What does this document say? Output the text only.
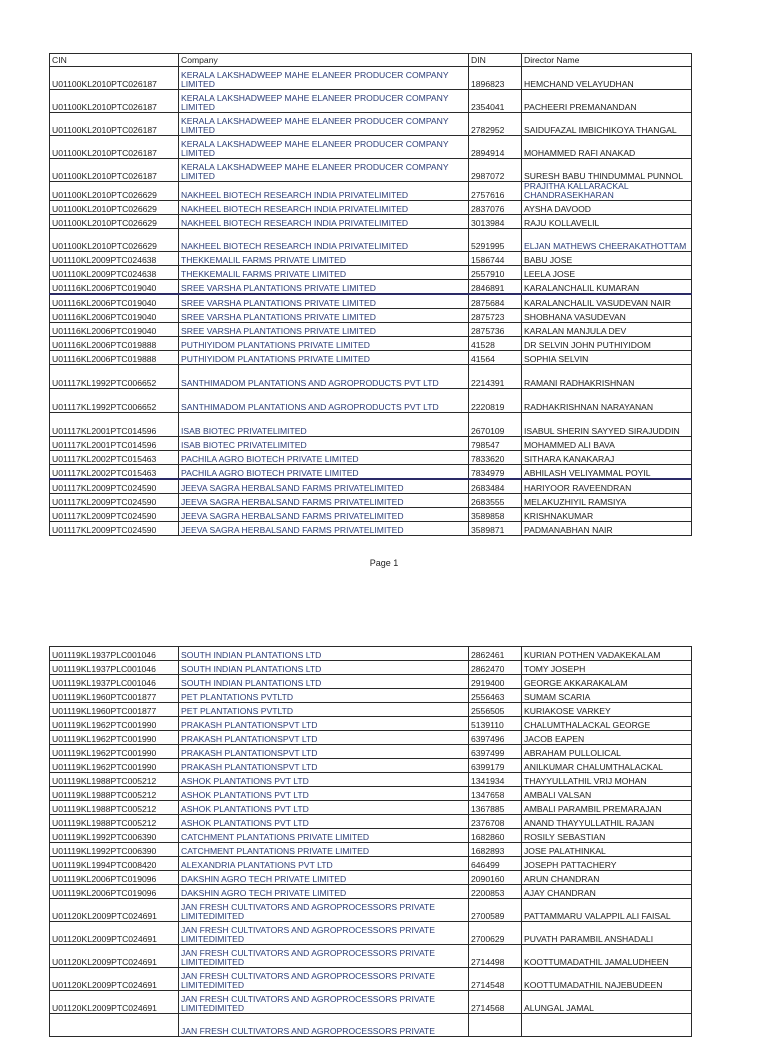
CIN	Company	DIN	Director Name
U01100KL2010PTC026187	KERALA LAKSHADWEEP MAHE ELANEER PRODUCER COMPANY LIMITED	1896823	HEMCHAND VELAYUDHAN
U01100KL2010PTC026187	KERALA LAKSHADWEEP MAHE ELANEER PRODUCER COMPANY LIMITED	2354041	PACHEERI PREMANANDAN
U01100KL2010PTC026187	KERALA LAKSHADWEEP MAHE ELANEER PRODUCER COMPANY LIMITED	2782952	SAIDUFAZAL IMBICHIKOYA THANGAL
U01100KL2010PTC026187	KERALA LAKSHADWEEP MAHE ELANEER PRODUCER COMPANY LIMITED	2894914	MOHAMMED RAFI ANAKAD
U01100KL2010PTC026187	KERALA LAKSHADWEEP MAHE ELANEER PRODUCER COMPANY LIMITED	2987072	SURESH BABU THINDUMMAL PUNNOL
U01100KL2010PTC026629	NAKHEEL BIOTECH RESEARCH INDIA PRIVATELIMITED	2757616	PRAJITHA KALLARACKAL CHANDRASEKHARAN
U01100KL2010PTC026629	NAKHEEL BIOTECH RESEARCH INDIA PRIVATELIMITED	2837076	AYSHA DAVOOD
U01100KL2010PTC026629	NAKHEEL BIOTECH RESEARCH INDIA PRIVATELIMITED	3013984	RAJU KOLLAVELIL
U01100KL2010PTC026629	NAKHEEL BIOTECH RESEARCH INDIA PRIVATELIMITED	5291995	ELJAN MATHEWS CHEERAKATHOTTAM
U01110KL2009PTC024638	THEKKEMALIL FARMS PRIVATE LIMITED	1586744	BABU JOSE
U01110KL2009PTC024638	THEKKEMALIL FARMS PRIVATE LIMITED	2557910	LEELA JOSE
U01116KL2006PTC019040	SREE VARSHA PLANTATIONS PRIVATE LIMITED	2846891	KARALANCHALIL KUMARAN
U01116KL2006PTC019040	SREE VARSHA PLANTATIONS PRIVATE LIMITED	2875684	KARALANCHALIL VASUDEVAN NAIR
U01116KL2006PTC019040	SREE VARSHA PLANTATIONS PRIVATE LIMITED	2875723	SHOBHANA VASUDEVAN
U01116KL2006PTC019040	SREE VARSHA PLANTATIONS PRIVATE LIMITED	2875736	KARALAN MANJULA DEV
U01116KL2006PTC019888	PUTHIYIDOM PLANTATIONS PRIVATE LIMITED	41528	DR SELVIN JOHN PUTHIYIDOM
U01116KL2006PTC019888	PUTHIYIDOM PLANTATIONS PRIVATE LIMITED	41564	SOPHIA SELVIN
U01117KL1992PTC006652	SANTHIMADOM PLANTATIONS AND AGROPRODUCTS PVT LTD	2214391	RAMANI RADHAKRISHNAN
U01117KL1992PTC006652	SANTHIMADOM PLANTATIONS AND AGROPRODUCTS PVT LTD	2220819	RADHAKRISHNAN NARAYANAN
U01117KL2001PTC014596	ISAB BIOTEC PRIVATELIMITED	2670109	ISABUL SHERIN SAYYED SIRAJUDDIN
U01117KL2001PTC014596	ISAB BIOTEC PRIVATELIMITED	798547	MOHAMMED ALI BAVA
U01117KL2002PTC015463	PACHILA AGRO BIOTECH PRIVATE LIMITED	7833620	SITHARA KANAKARAJ
U01117KL2002PTC015463	PACHILA AGRO BIOTECH PRIVATE LIMITED	7834979	ABHILASH VELIYAMMAL POYIL
U01117KL2009PTC024590	JEEVA SAGRA HERBALSAND FARMS PRIVATELIMITED	2683484	HARIYOOR RAVEENDRAN
U01117KL2009PTC024590	JEEVA SAGRA HERBALSAND FARMS PRIVATELIMITED	2683555	MELAKUZHIYIL RAMSIYA
U01117KL2009PTC024590	JEEVA SAGRA HERBALSAND FARMS PRIVATELIMITED	3589858	KRISHNAKUMAR
U01117KL2009PTC024590	JEEVA SAGRA HERBALSAND FARMS PRIVATELIMITED	3589871	PADMANABHAN NAIR
Page 1
U01119KL1937PLC001046	SOUTH INDIAN PLANTATIONS LTD	2862461	KURIAN POTHEN VADAKEKALAM
U01119KL1937PLC001046	SOUTH INDIAN PLANTATIONS LTD	2862470	TOMY JOSEPH
U01119KL1937PLC001046	SOUTH INDIAN PLANTATIONS LTD	2919400	GEORGE AKKARAKALAM
U01119KL1960PTC001877	PET PLANTATIONS PVTLTD	2556463	SUMAM SCARIA
U01119KL1960PTC001877	PET PLANTATIONS PVTLTD	2556505	KURIAKOSE VARKEY
U01119KL1962PTC001990	PRAKASH PLANTATIONSPVT LTD	5139110	CHALUMTHALACKAL GEORGE
U01119KL1962PTC001990	PRAKASH PLANTATIONSPVT LTD	6397496	JACOB EAPEN
U01119KL1962PTC001990	PRAKASH PLANTATIONSPVT LTD	6397499	ABRAHAM PULLOLICAL
U01119KL1962PTC001990	PRAKASH PLANTATIONSPVT LTD	6399179	ANILKUMAR CHALUMTHALACKAL
U01119KL1988PTC005212	ASHOK PLANTATIONS PVT LTD	1341934	THAYYULLATHIL VRIJ MOHAN
U01119KL1988PTC005212	ASHOK PLANTATIONS PVT LTD	1347658	AMBALI VALSAN
U01119KL1988PTC005212	ASHOK PLANTATIONS PVT LTD	1367885	AMBALI PARAMBIL PREMARAJAN
U01119KL1988PTC005212	ASHOK PLANTATIONS PVT LTD	2376708	ANAND THAYYULLATHIL RAJAN
U01119KL1992PTC006390	CATCHMENT PLANTATIONS PRIVATE LIMITED	1682860	ROSILY SEBASTIAN
U01119KL1992PTC006390	CATCHMENT PLANTATIONS PRIVATE LIMITED	1682893	JOSE PALATHINKAL
U01119KL1994PTC008420	ALEXANDRIA PLANTATIONS PVT LTD	646499	JOSEPH PATTACHERY
U01119KL2006PTC019096	DAKSHIN AGRO TECH PRIVATE LIMITED	2090160	ARUN CHANDRAN
U01119KL2006PTC019096	DAKSHIN AGRO TECH PRIVATE LIMITED	2200853	AJAY CHANDRAN
U01120KL2009PTC024691	JAN FRESH CULTIVATORS AND AGROPROCESSORS PRIVATE LIMITEDIMITED	2700589	PATTAMMARU VALAPPIL ALI FAISAL
U01120KL2009PTC024691	JAN FRESH CULTIVATORS AND AGROPROCESSORS PRIVATE LIMITEDIMITED	2700629	PUVATH PARAMBIL ANSHADALI
U01120KL2009PTC024691	JAN FRESH CULTIVATORS AND AGROPROCESSORS PRIVATE LIMITEDIMITED	2714498	KOOTTUMADATHIL JAMALUDHEEN
U01120KL2009PTC024691	JAN FRESH CULTIVATORS AND AGROPROCESSORS PRIVATE LIMITEDIMITED	2714548	KOOTTUMADATHIL NAJEBUDEEN
U01120KL2009PTC024691	JAN FRESH CULTIVATORS AND AGROPROCESSORS PRIVATE LIMITEDIMITED	2714568	ALUNGAL JAMAL
	JAN FRESH CULTIVATORS AND AGROPROCESSORS PRIVATE		
